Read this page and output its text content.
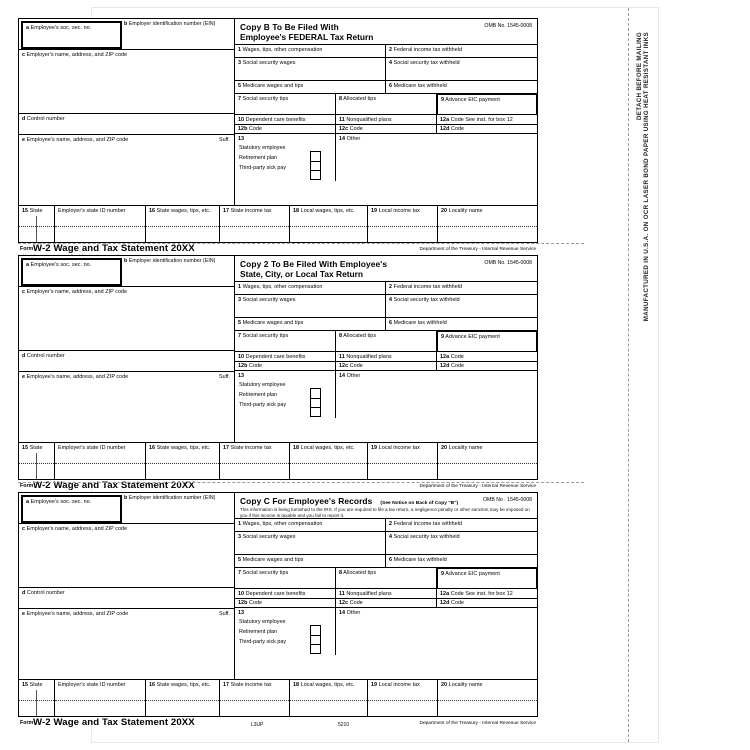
DETACH BEFORE MAILING MANUFACTURED IN U.S.A. ON OCR LASER BOND PAPER USING HEAT RESISTANT INKS
a Employee's soc. sec. no.
b Employer identification number (EIN)
c Employer's name, address, and ZIP code
d Control number
e Employee's name, address, and ZIP code	Suff.
Copy B To Be Filed With
Employee's FEDERAL Tax Return
OMB No. 1545-0008
1 Wages, tips, other compensation	2 Federal income tax withheld
3 Social security wages	4 Social security tax withheld
5 Medicare wages and tips	6 Medicare tax withheld
7 Social security tips	8 Allocated tips	9 Advance EIC payment
10 Dependent care benefits	11 Nonqualified plans	12a Code See inst. for box 12
12b Code	12c Code	12d Code
13
Statutory employee
Retirement plan
Third-party sick pay
14 Other
15 State	Employer's state ID number	16 State wages, tips, etc.	17 State income tax	18 Local wages, tips, etc.	19 Local income tax	20 Locality name
Form W-2 Wage and Tax Statement 20XX	Department of the Treasury - Internal Revenue Service
a Employee's soc. sec. no.
b Employer identification number (EIN)
c Employer's name, address, and ZIP code
d Control number
e Employee's name, address, and ZIP code	Suff.
Copy 2 To Be Filed With Employee's
State, City, or Local Tax Return
OMB No. 1545-0008
1 Wages, tips, other compensation	2 Federal income tax withheld
3 Social security wages	4 Social security tax withheld
5 Medicare wages and tips	6 Medicare tax withheld
7 Social security tips	8 Allocated tips	9 Advance EIC payment
10 Dependent care benefits	11 Nonqualified plans	12a Code
12b Code	12c Code	12d Code
13
Statutory employee
Retirement plan
Third-party sick pay
14 Other
15 State	Employer's state ID number	16 State wages, tips, etc.	17 State income tax	18 Local wages, tips, etc.	19 Local income tax	20 Locality name
Form W-2 Wage and Tax Statement 20XX	Department of the Treasury - Internal Revenue Service
a Employee's soc. sec. no.
b Employer identification number (EIN)
c Employer's name, address, and ZIP code
d Control number
e Employee's name, address, and ZIP code	Suff.
Copy C For Employee's Records (See Notice on Back of Copy "B")
This information is being furnished to the IRS. If you are required to file a tax return, a negligence penalty or other sanction may be imposed on you if this income is taxable and you fail to report it.
OMB No . 1545-0008
1 Wages, tips, other compensation	2 Federal income tax withheld
3 Social security wages	4 Social security tax withheld
5 Medicare wages and tips	6 Medicare tax withheld
7 Social security tips	8 Allocated tips	9 Advance EIC payment
10 Dependent care benefits	11 Nonqualified plans	12a Code See inst. for box 12
12b Code	12c Code	12d Code
13
Statutory employee
Retirement plan
Third-party sick pay
14 Other
15 State	Employer's state ID number	16 State wages, tips, etc.	17 State income tax	18 Local wages, tips, etc.	19 Local income tax	20 Locality name
Form W-2 Wage and Tax Statement 20XX	L3UP	5210	Department of the Treasury - Internal Revenue Service
